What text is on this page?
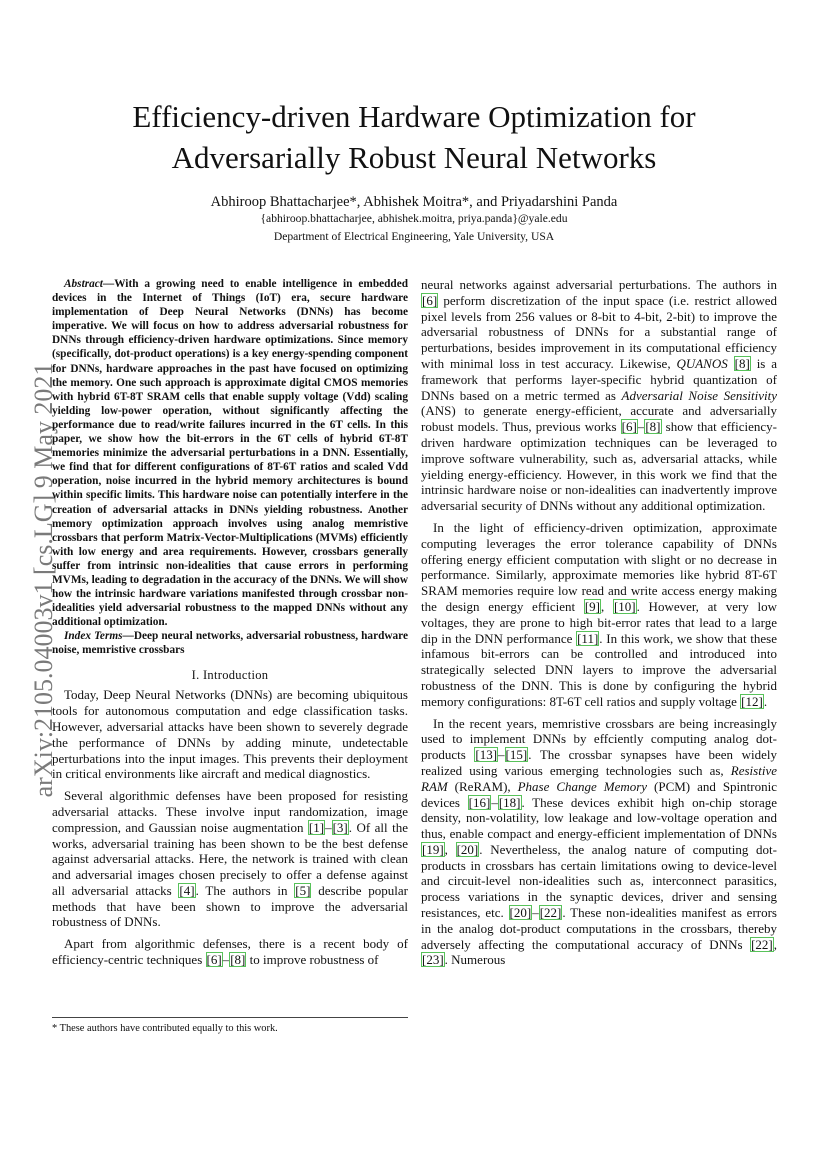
Efficiency-driven Hardware Optimization for
Adversarially Robust Neural Networks
Abhiroop Bhattacharjee*, Abhishek Moitra*, and Priyadarshini Panda
{abhiroop.bhattacharjee, abhishek.moitra, priya.panda}@yale.edu
Department of Electrical Engineering, Yale University, USA
arXiv:2105.04003v1 [cs.LG] 9 May 2021

Abstract—With a growing need to enable intelligence in embedded devices in the Internet of Things (IoT) era, secure hardware implementation of Deep Neural Networks (DNNs) has become imperative. We will focus on how to address adversarial robustness for DNNs through efficiency-driven hardware optimizations. Since memory (specifically, dot-product operations) is a key energy-spending component for DNNs, hardware approaches in the past have focused on optimizing the memory. One such approach is approximate digital CMOS memories with hybrid 6T-8T SRAM cells that enable supply voltage (Vdd) scaling yielding low-power operation, without significantly affecting the performance due to read/write failures incurred in the 6T cells. In this paper, we show how the bit-errors in the 6T cells of hybrid 6T-8T memories minimize the adversarial perturbations in a DNN. Essentially, we find that for different configurations of 8T-6T ratios and scaled Vdd operation, noise incurred in the hybrid memory architectures is bound within specific limits. This hardware noise can potentially interfere in the creation of adversarial attacks in DNNs yielding robustness. Another memory optimization approach involves using analog memristive crossbars that perform Matrix-Vector-Multiplications (MVMs) efficiently with low energy and area requirements. However, crossbars generally suffer from intrinsic non-idealities that cause errors in performing MVMs, leading to degradation in the accuracy of the DNNs. We will show how the intrinsic hardware variations manifested through crossbar non-idealities yield adversarial robustness to the mapped DNNs without any additional optimization.

Index Terms—Deep neural networks, adversarial robustness, hardware noise, memristive crossbars

I. Introduction

Today, Deep Neural Networks (DNNs) are becoming ubiquitous tools for autonomous computation and edge classification tasks. However, adversarial attacks have been shown to severely degrade the performance of DNNs by adding minute, undetectable perturbations into the input images. This prevents their deployment in critical environments like aircraft and medical diagnostics.

Several algorithmic defenses have been proposed for resisting adversarial attacks. These involve input randomization, image compression, and Gaussian noise augmentation [1]–[3]. Of all the works, adversarial training has been shown to be the best defense against adversarial attacks. Here, the network is trained with clean and adversarial images chosen precisely to offer a defense against all adversarial attacks [4]. The authors in [5] describe popular methods that have been shown to improve the adversarial robustness of DNNs.

Apart from algorithmic defenses, there is a recent body of efficiency-centric techniques [6]–[8] to improve robustness of

neural networks against adversarial perturbations. The authors in [6] perform discretization of the input space (i.e. restrict allowed pixel levels from 256 values or 8-bit to 4-bit, 2-bit) to improve the adversarial robustness of DNNs for a substantial range of perturbations, besides improvement in its computational efficiency with minimal loss in test accuracy. Likewise, QUANOS [8] is a framework that performs layer-specific hybrid quantization of DNNs based on a metric termed as Adversarial Noise Sensitivity (ANS) to generate energy-efficient, accurate and adversarially robust models. Thus, previous works [6]–[8] show that efficiency-driven hardware optimization techniques can be leveraged to improve software vulnerability, such as, adversarial attacks, while yielding energy-efficiency. However, in this work we find that the intrinsic hardware noise or non-idealities can inadvertently improve adversarial security of DNNs without any additional optimization.

In the light of efficiency-driven optimization, approximate computing leverages the error tolerance capability of DNNs offering energy efficient computation with slight or no decrease in performance. Similarly, approximate memories like hybrid 8T-6T SRAM memories require low read and write access energy making the design energy efficient [9], [10]. However, at very low voltages, they are prone to high bit-error rates that lead to a large dip in the DNN performance [11]. In this work, we show that these infamous bit-errors can be controlled and introduced into strategically selected DNN layers to improve the adversarial robustness of the DNN. This is done by configuring the hybrid memory configurations: 8T-6T cell ratios and supply voltage [12].

In the recent years, memristive crossbars are being increasingly used to implement DNNs by effciently computing analog dot-products [13]–[15]. The crossbar synapses have been widely realized using various emerging technologies such as, Resistive RAM (ReRAM), Phase Change Memory (PCM) and Spintronic devices [16]–[18]. These devices exhibit high on-chip storage density, non-volatility, low leakage and low-voltage operation and thus, enable compact and energy-efficient implementation of DNNs [19], [20]. Nevertheless, the analog nature of computing dot-products in crossbars has certain limitations owing to device-level and circuit-level non-idealities such as, interconnect parasitics, process variations in the synaptic devices, driver and sensing resistances, etc. [20]–[22]. These non-idealities manifest as errors in the analog dot-product computations in the crossbars, thereby adversely affecting the computational accuracy of DNNs [22], [23]. Numerous

* These authors have contributed equally to this work.
